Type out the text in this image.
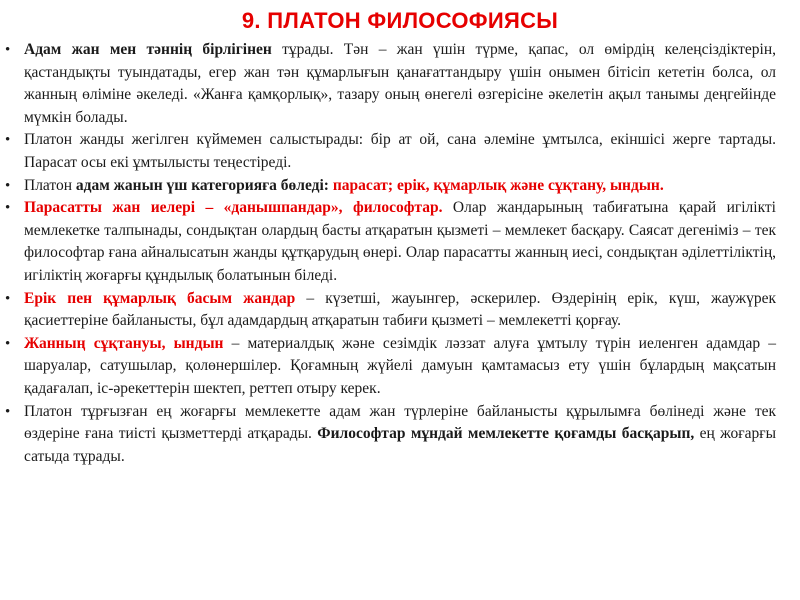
9. ПЛАТОН ФИЛОСОФИЯСЫ
• Адам жан мен тәннің бірлігінен тұрады. Тән – жан үшін түрме, қапас, ол өмірдің келеңсіздіктерін, қастандықты туындатады, егер жан тән құмарлығын қанағаттандыру үшін онымен бітісіп кететін болса, ол жанның өліміне әкеледі. «Жанға қамқорлық», тазару оның өнегелі өзгерісіне әкелетін ақыл танымы деңгейінде мүмкін болады.
• Платон жанды жегілген күймемен салыстырады: бір ат ой, сана әлеміне ұмтылса, екіншісі жерге тартады. Парасат осы екі ұмтылысты теңестіреді.
• Платон адам жанын үш категорияға бөледі: парасат; ерік, құмарлық және сұқтану, ындын.
• Парасатты жан иелері – «данышпандар», философтар. Олар жандарының табиғатына қарай игілікті мемлекетке талпынады, сондықтан олардың басты атқаратын қызметі – мемлекет басқару. Саясат дегеніміз – тек философтар ғана айналысатын жанды құтқарудың өнері. Олар парасатты жанның иесі, сондықтан әділеттіліктің, игіліктің жоғарғы құндылық болатынын біледі.
• Ерік пен құмарлық басым жандар – күзетші, жауынгер, әскерилер. Өздерінің ерік, күш, жаужүрек қасиеттеріне байланысты, бұл адамдардың атқаратын табиғи қызметі – мемлекетті қорғау.
• Жанның сұқтануы, ындын – материалдық және сезімдік ләззат алуға ұмтылу түрін иеленген адамдар – шаруалар, сатушылар, қолөнершілер. Қоғамның жүйелі дамуын қамтамасыз ету үшін бұлардың мақсатын қадағалап, іс-әрекеттерін шектеп, реттеп отыру керек.
• Платон тұрғызған ең жоғарғы мемлекетте адам жан түрлеріне байланысты құрылымға бөлінеді және тек өздеріне ғана тиісті қызметтерді атқарады. Философтар мұндай мемлекетте қоғамды басқарып, ең жоғарғы сатыда тұрады.
